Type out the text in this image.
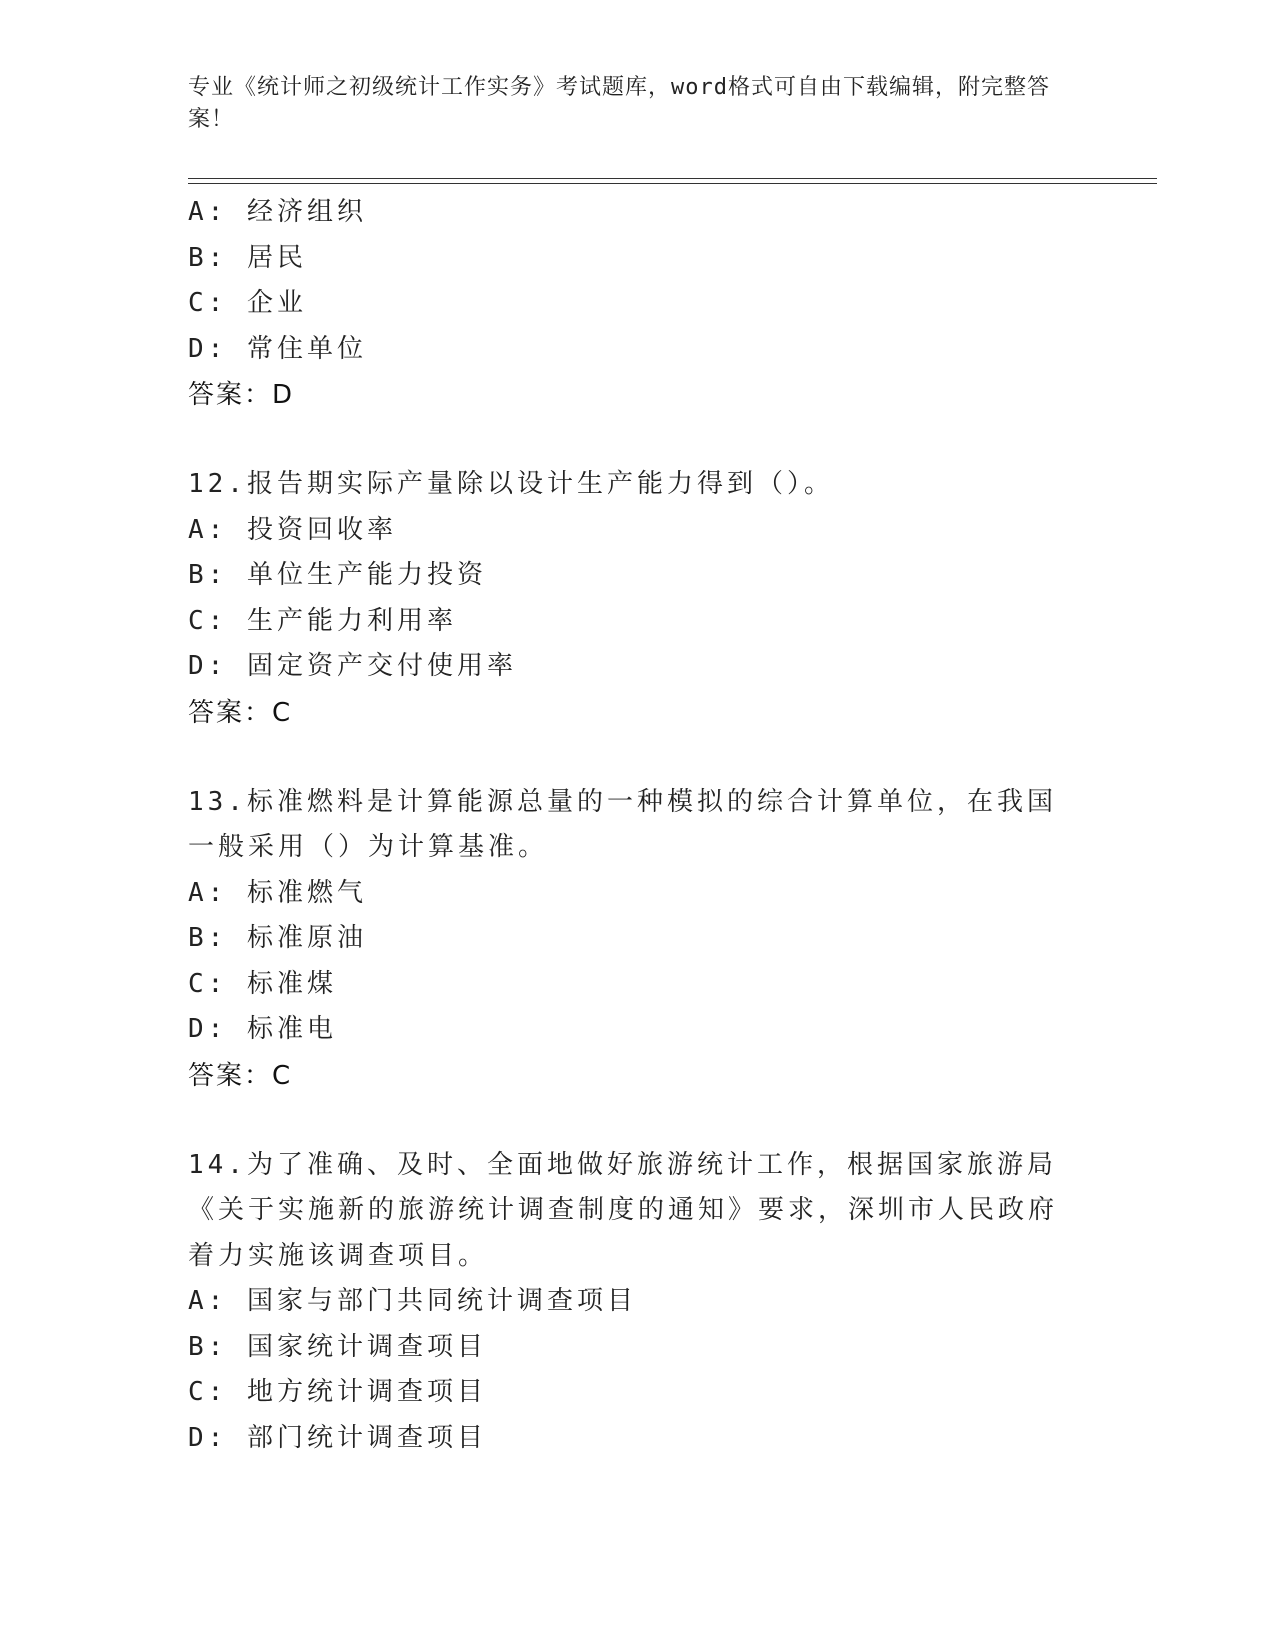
专业《统计师之初级统计工作实务》考试题库，word格式可自由下载编辑，附完整答案！
A: 经济组织
B: 居民
C: 企业
D: 常住单位
答案：D
12.报告期实际产量除以设计生产能力得到（）。
A: 投资回收率
B: 单位生产能力投资
C: 生产能力利用率
D: 固定资产交付使用率
答案：C
13.标准燃料是计算能源总量的一种模拟的综合计算单位，在我国一般采用（）为计算基准。
A: 标准燃气
B: 标准原油
C: 标准煤
D: 标准电
答案：C
14.为了准确、及时、全面地做好旅游统计工作，根据国家旅游局《关于实施新的旅游统计调查制度的通知》要求，深圳市人民政府着力实施该调查项目。
A: 国家与部门共同统计调查项目
B: 国家统计调查项目
C: 地方统计调查项目
D: 部门统计调查项目
